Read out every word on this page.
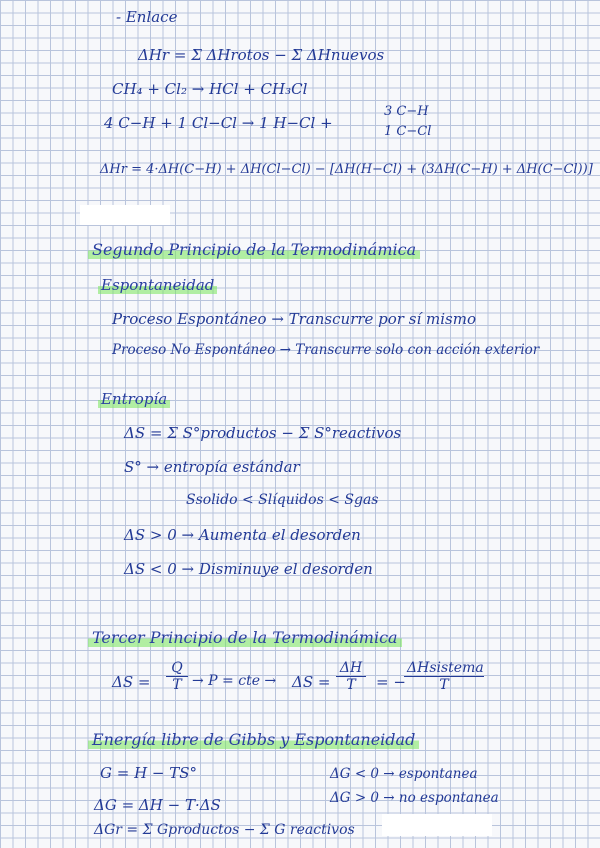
- Enlace
ΔHr = Σ ΔHrotos − Σ ΔHnuevos
CH₄ + Cl₂ → HCl + CH₃Cl
4 C−H + 1 Cl−Cl → 1 H−Cl +
3 C−H
1 C−Cl
ΔHr = 4·ΔH(C−H) + ΔH(Cl−Cl) − [ΔH(H−Cl) + (3ΔH(C−H) + ΔH(C−Cl))]
Segundo Principio de la Termodinámica
Espontaneidad
Proceso Espontáneo → Transcurre por sí mismo
Proceso No Espontáneo → Transcurre solo con acción exterior
Entropía
ΔS = Σ S°productos − Σ S°reactivos
S° → entropía estándar
Ssolido < Slíquidos < Sgas
ΔS > 0 → Aumenta el desorden
ΔS < 0 → Disminuye el desorden
Tercer Principio de la Termodinámica
$\Delta S = \frac{Q}{T} \to P$ = cte → $\Delta S = \frac{\Delta H}{T}$ = −
ΔHsistema
T
Energía libre de Gibbs y Espontaneidad
G = H − TS°
ΔG = ΔH − T·ΔS
ΔGr = Σ Gproductos − Σ G reactivos
ΔG < 0 → espontanea
ΔG > 0 → no espontanea
